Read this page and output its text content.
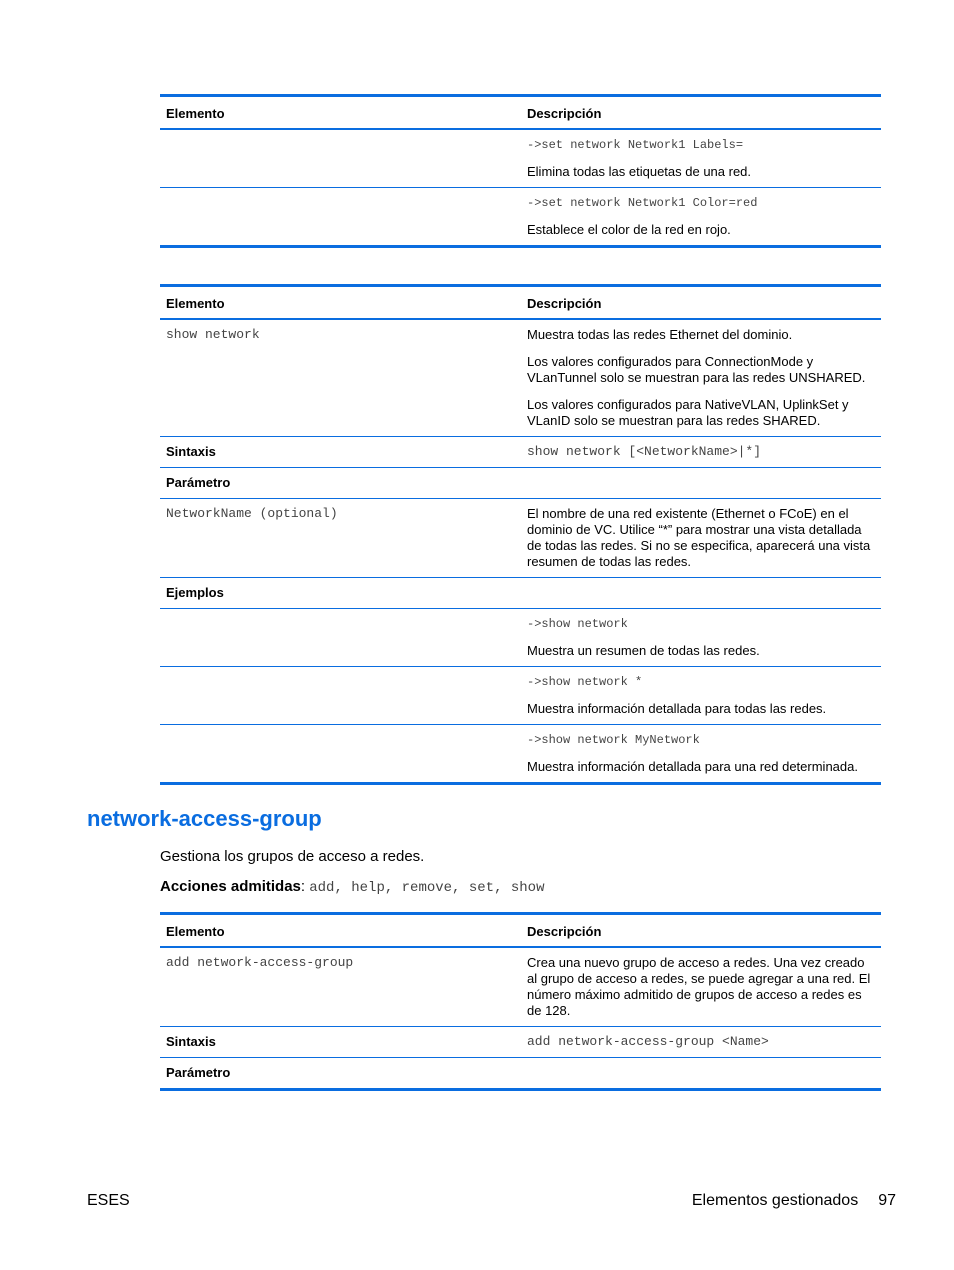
Elemento	Descripción

	->set network Network1 Labels=
Elimina todas las etiquetas de una red.

	->set network Network1 Color=red
Establece el color de la red en rojo.
Elemento	Descripción
show network	Muestra todas las redes Ethernet del dominio.
Los valores configurados para ConnectionMode y VLanTunnel solo se muestran para las redes UNSHARED.
Los valores configurados para NativeVLAN, UplinkSet y VLanID solo se muestran para las redes SHARED.

Sintaxis	show network [<NetworkName>|*]
Parámetro	
NetworkName (optional)	El nombre de una red existente (Ethernet o FCoE) en el dominio de VC. Utilice “*” para mostrar una vista detallada de todas las redes. Si no se especifica, aparecerá una vista resumen de todas las redes.
Ejemplos	

	->show network
Muestra un resumen de todas las redes.

	->show network *
Muestra información detallada para todas las redes.

	->show network MyNetwork
Muestra información detallada para una red determinada.
network-access-group
Gestiona los grupos de acceso a redes.
Acciones admitidas: add, help, remove, set, show
Elemento	Descripción
add network-access-group	Crea una nuevo grupo de acceso a redes. Una vez creado al grupo de acceso a redes, se puede agregar a una red. El número máximo admitido de grupos de acceso a redes es de 128.
Sintaxis	add network-access-group <Name>
Parámetro	
ESES	Elementos gestionados 97
